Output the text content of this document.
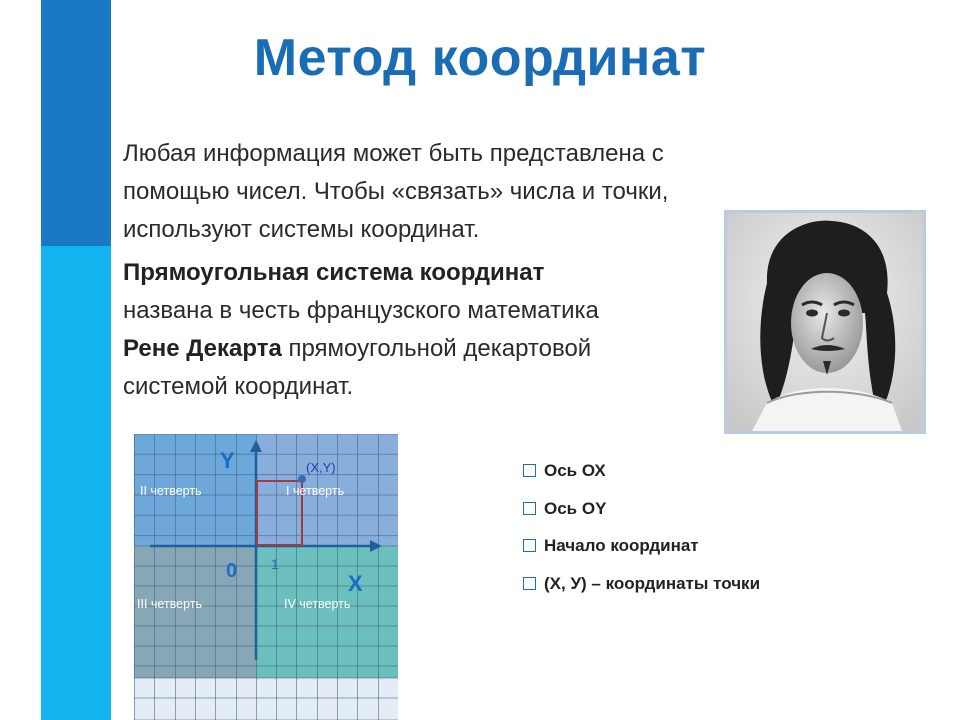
Метод координат
Любая информация может быть представлена с
помощью чисел. Чтобы «связать» числа и точки,
используют системы координат.
Прямоугольная система координат
названа в честь французского математика
Рене Декарта прямоугольной декартовой
системой координат.
Y
X
0 1
(X,Y)
II четверть	I четверть
III четверть	IV четверть
Ось ОХ
Ось ОY
Начало координат
(Х, У) – координаты точки
